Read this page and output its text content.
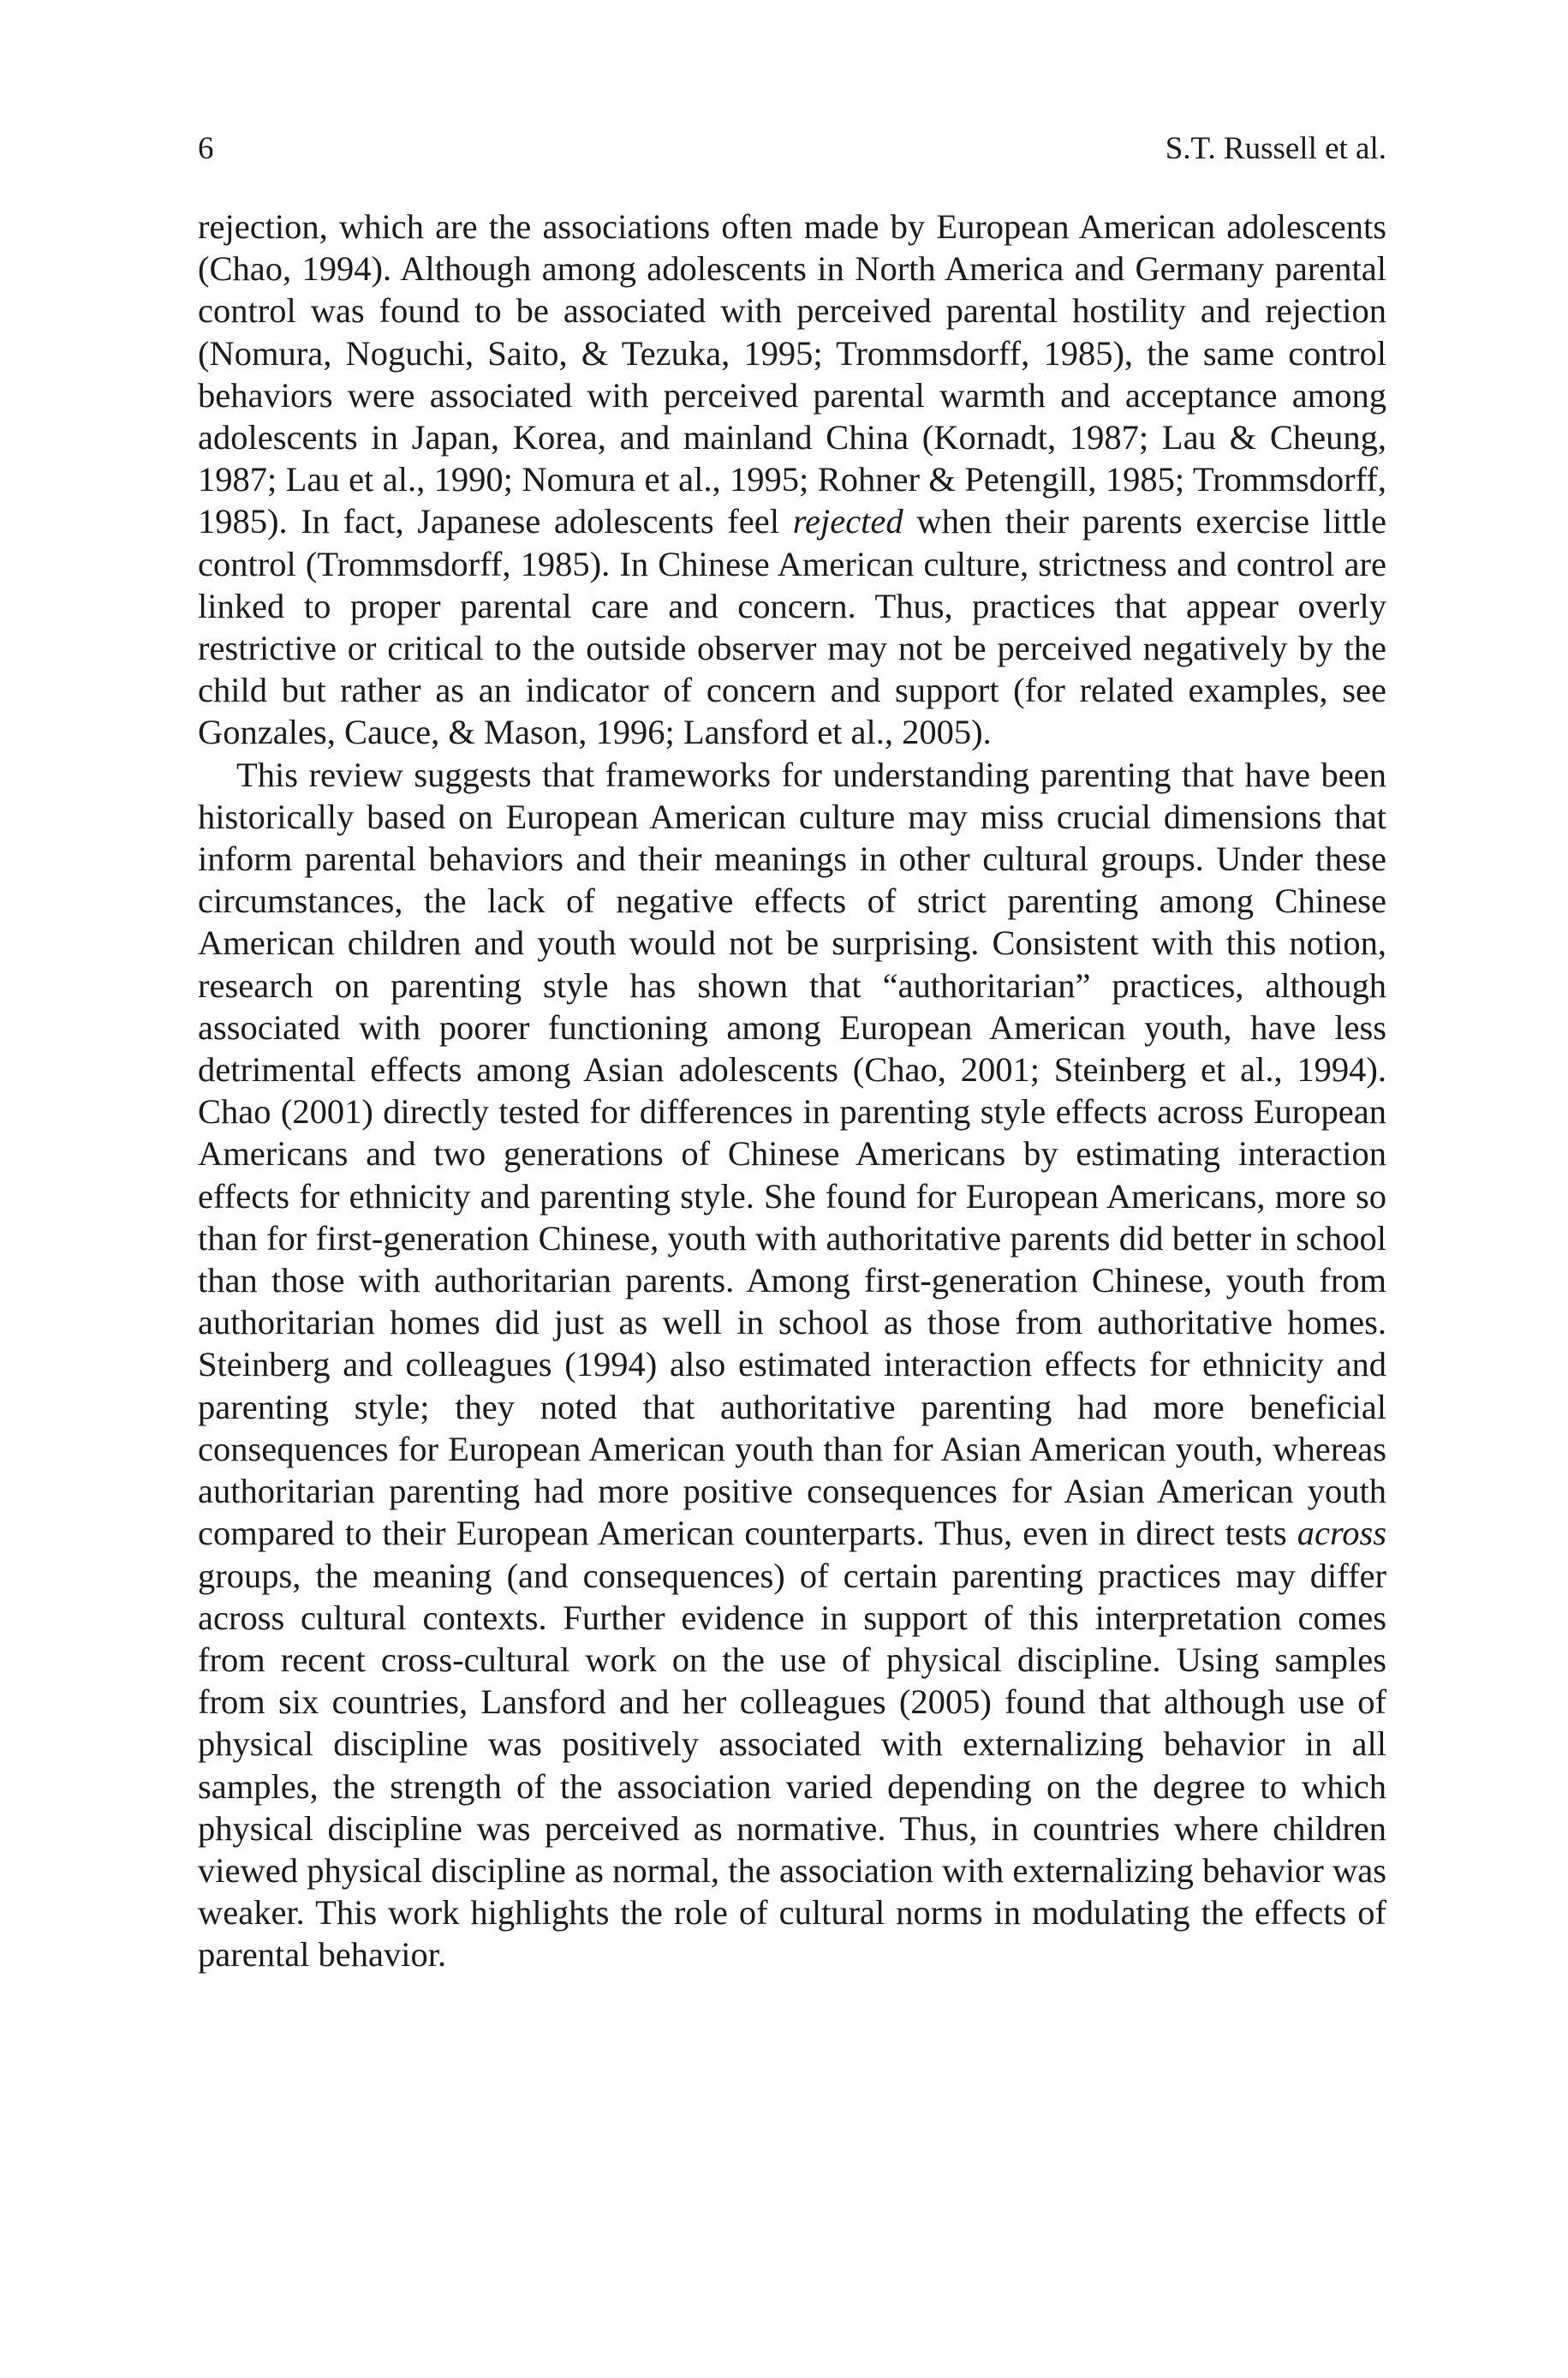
6	S.T. Russell et al.

rejection, which are the associations often made by European American adolescents (Chao, 1994). Although among adolescents in North America and Germany parental control was found to be associated with perceived parental hostility and rejection (Nomura, Noguchi, Saito, & Tezuka, 1995; Trommsdorff, 1985), the same control behaviors were associated with perceived parental warmth and acceptance among adolescents in Japan, Korea, and mainland China (Kornadt, 1987; Lau & Cheung, 1987; Lau et al., 1990; Nomura et al., 1995; Rohner & Petengill, 1985; Trommsdorff, 1985). In fact, Japanese adolescents feel rejected when their parents exercise little control (Trommsdorff, 1985). In Chinese American culture, strictness and control are linked to proper parental care and concern. Thus, practices that appear overly restrictive or critical to the outside observer may not be perceived negatively by the child but rather as an indicator of concern and support (for related examples, see Gonzales, Cauce, & Mason, 1996; Lansford et al., 2005).

This review suggests that frameworks for understanding parenting that have been historically based on European American culture may miss crucial dimensions that inform parental behaviors and their meanings in other cultural groups. Under these circumstances, the lack of negative effects of strict parenting among Chinese American children and youth would not be surprising. Consistent with this notion, research on parenting style has shown that “authoritarian” practices, although associated with poorer functioning among European American youth, have less detrimental effects among Asian adolescents (Chao, 2001; Steinberg et al., 1994). Chao (2001) directly tested for differences in parenting style effects across European Americans and two generations of Chinese Americans by estimating interaction effects for ethnicity and parenting style. She found for European Americans, more so than for first-generation Chinese, youth with authoritative parents did better in school than those with authoritarian parents. Among first-generation Chinese, youth from authoritarian homes did just as well in school as those from authoritative homes. Steinberg and colleagues (1994) also estimated interaction effects for ethnicity and parenting style; they noted that authoritative parenting had more beneficial consequences for European American youth than for Asian American youth, whereas authoritarian parenting had more positive consequences for Asian American youth compared to their European American counterparts. Thus, even in direct tests across groups, the meaning (and consequences) of certain parenting practices may differ across cultural contexts. Further evidence in support of this interpretation comes from recent cross-cultural work on the use of physical discipline. Using samples from six countries, Lansford and her colleagues (2005) found that although use of physical discipline was positively associated with externalizing behavior in all samples, the strength of the association varied depending on the degree to which physical discipline was perceived as normative. Thus, in countries where children viewed physical discipline as normal, the association with externalizing behavior was weaker. This work highlights the role of cultural norms in modulating the effects of parental behavior.
